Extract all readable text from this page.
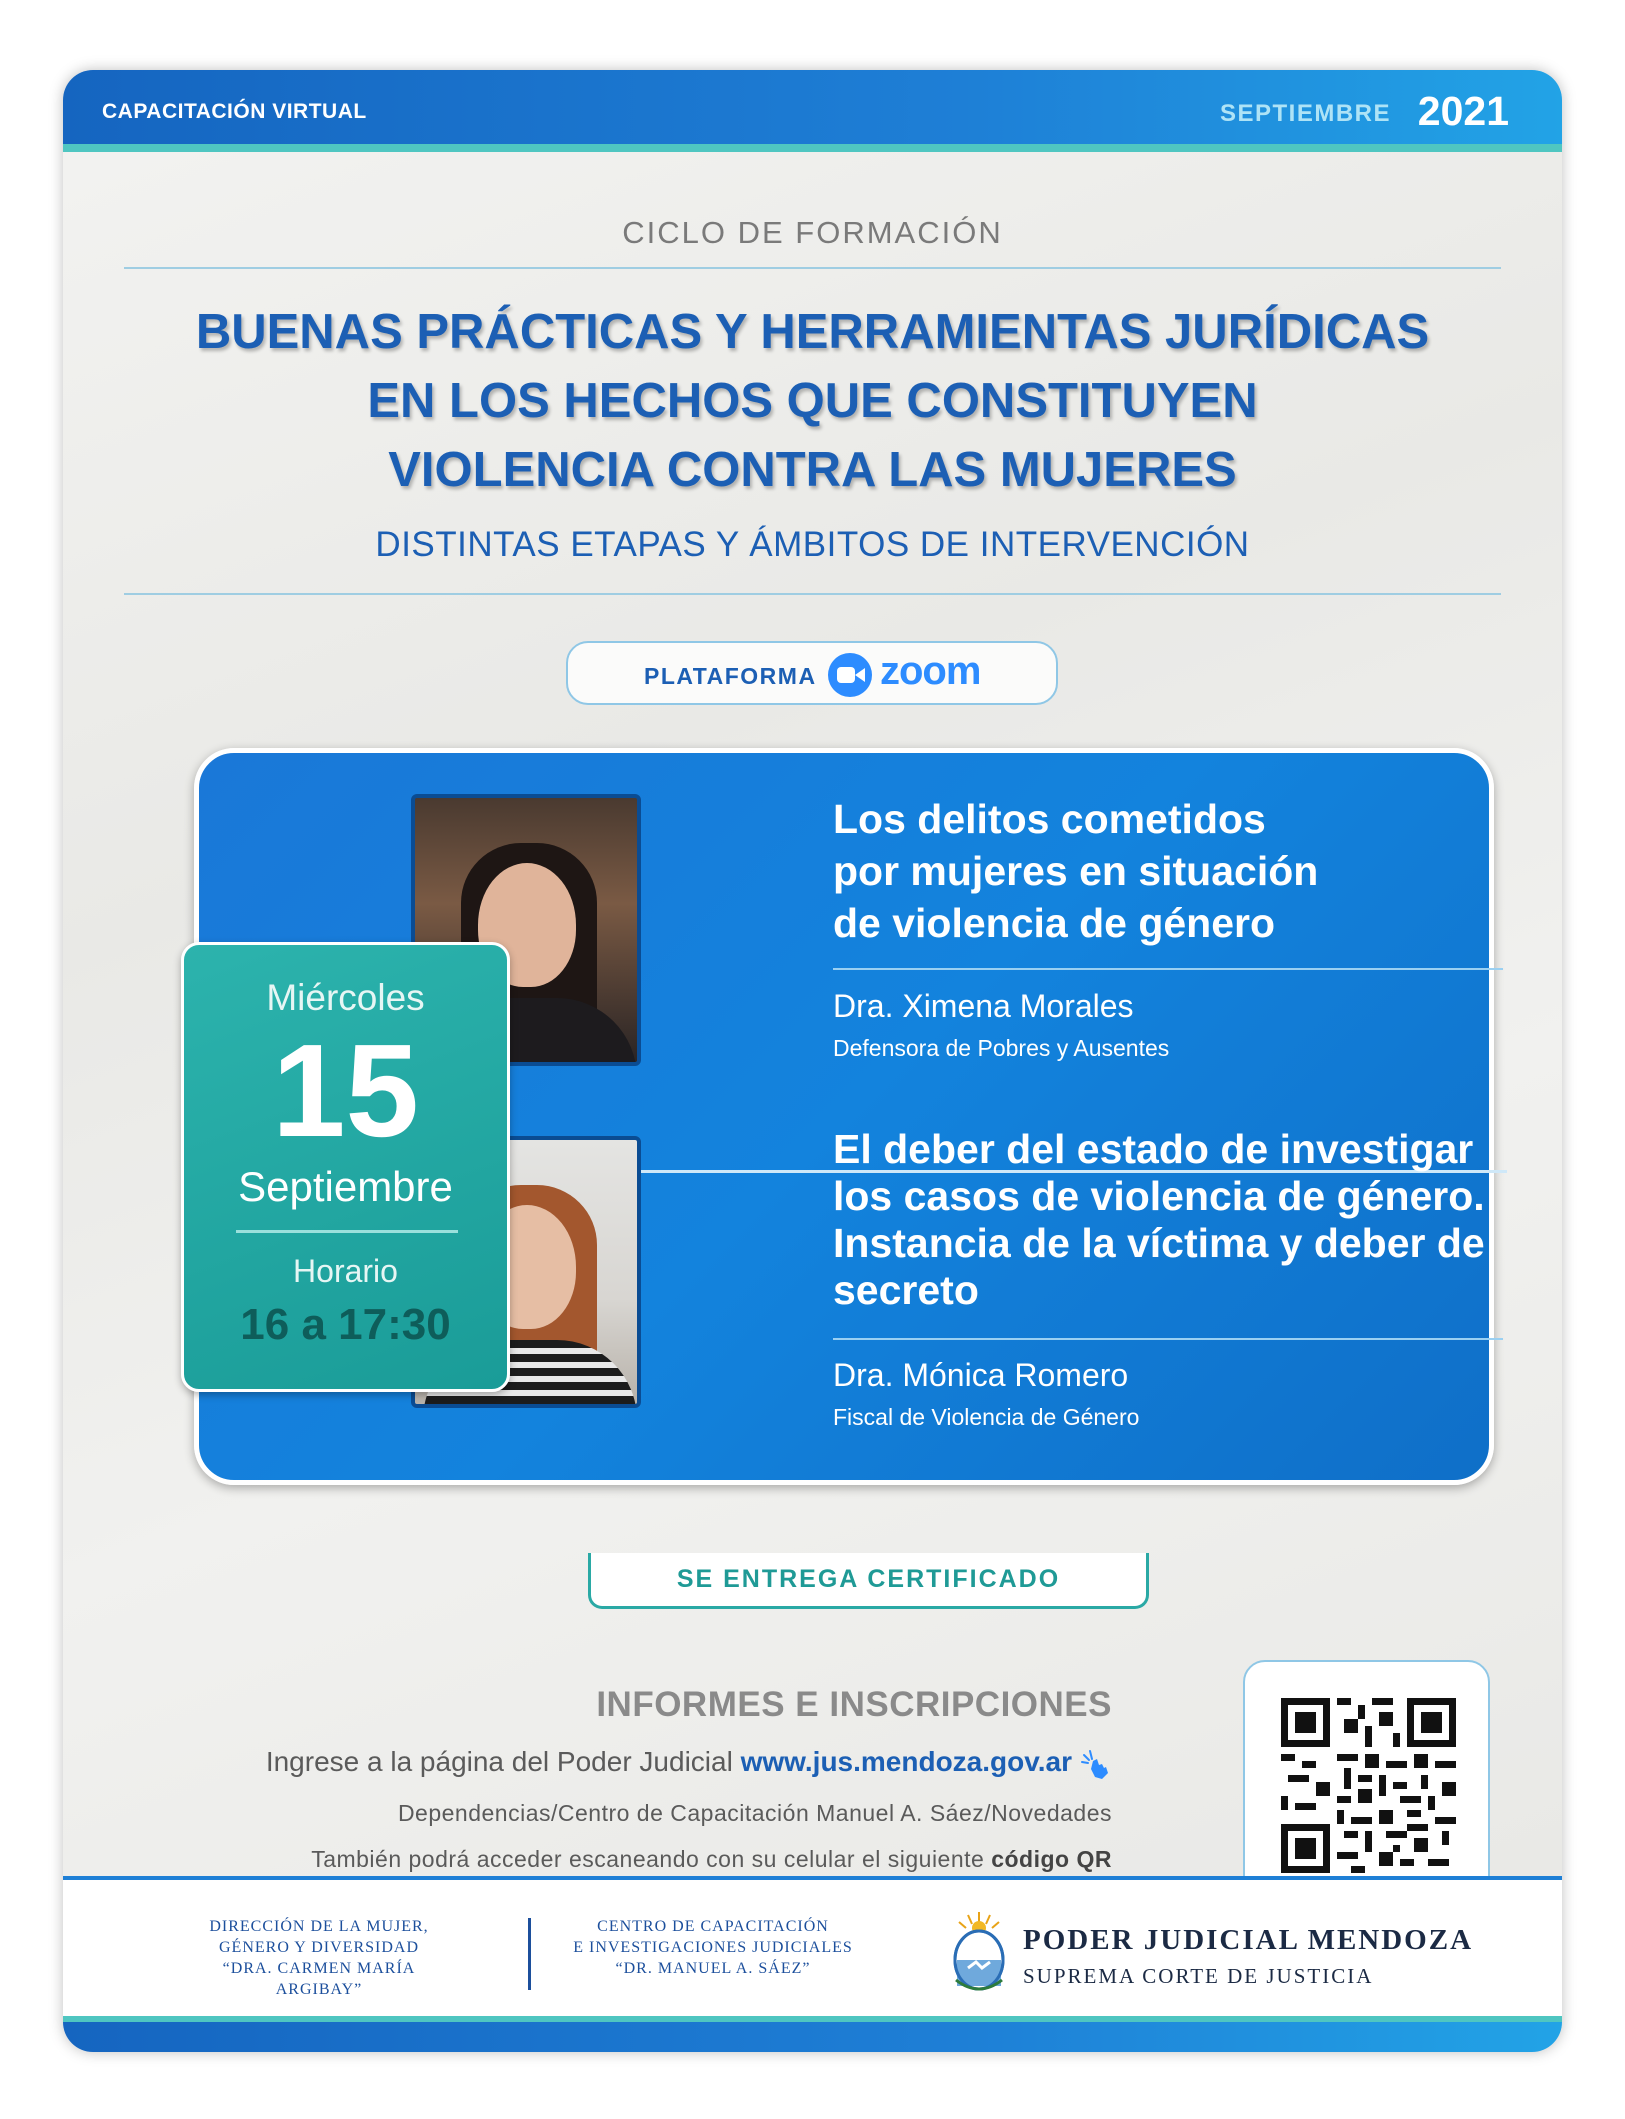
CAPACITACIÓN VIRTUAL	SEPTIEMBRE 2021
CICLO DE FORMACIÓN
BUENAS PRÁCTICAS Y HERRAMIENTAS JURÍDICAS
EN LOS HECHOS QUE CONSTITUYEN
VIOLENCIA CONTRA LAS MUJERES
DISTINTAS ETAPAS Y ÁMBITOS DE INTERVENCIÓN
PLATAFORMA zoom
Los delitos cometidos
por mujeres en situación
de violencia de género
Dra. Ximena Morales
Defensora de Pobres y Ausentes
El deber del estado de investigar
los casos de violencia de género.
Instancia de la víctima y deber de
secreto
Dra. Mónica Romero
Fiscal de Violencia de Género
Miércoles
15
Septiembre
Horario
16 a 17:30
SE ENTREGA CERTIFICADO
INFORMES E INSCRIPCIONES
Ingrese a la página del Poder Judicial www.jus.mendoza.gov.ar
Dependencias/Centro de Capacitación Manuel A. Sáez/Novedades
También podrá acceder escaneando con su celular el siguiente código QR
DIRECCIÓN DE LA MUJER,
GÉNERO Y DIVERSIDAD
“DRA. CARMEN MARÍA ARGIBAY”
CENTRO DE CAPACITACIÓN
E INVESTIGACIONES JUDICIALES
“DR. MANUEL A. SÁEZ”
PODER JUDICIAL MENDOZA
SUPREMA CORTE DE JUSTICIA
